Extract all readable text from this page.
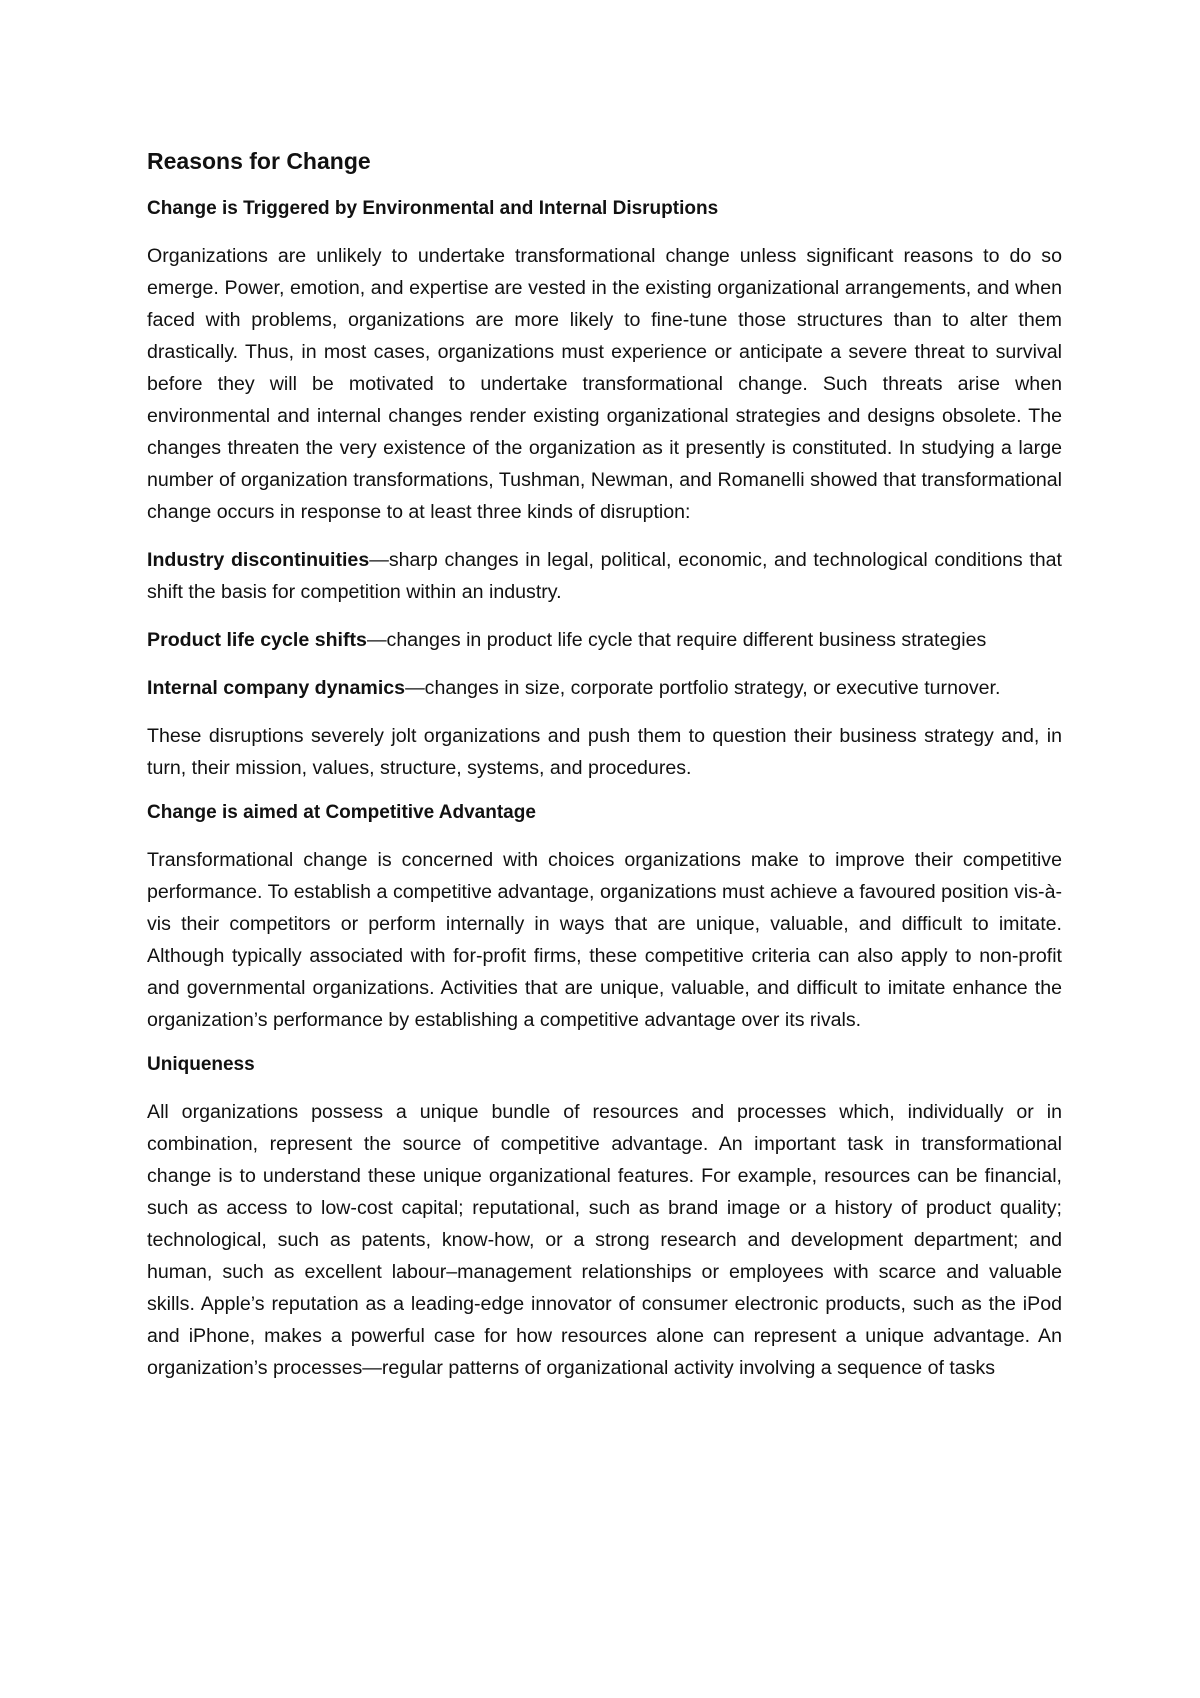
Reasons for Change
Change is Triggered by Environmental and Internal Disruptions

Organizations are unlikely to undertake transformational change unless significant reasons to do so emerge. Power, emotion, and expertise are vested in the existing organizational arrangements, and when faced with problems, organizations are more likely to fine-tune those structures than to alter them drastically. Thus, in most cases, organizations must experience or anticipate a severe threat to survival before they will be motivated to undertake transformational change. Such threats arise when environmental and internal changes render existing organizational strategies and designs obsolete. The changes threaten the very existence of the organization as it presently is constituted. In studying a large number of organization transformations, Tushman, Newman, and Romanelli showed that transformational change occurs in response to at least three kinds of disruption:

Industry discontinuities—sharp changes in legal, political, economic, and technological conditions that shift the basis for competition within an industry.

Product life cycle shifts—changes in product life cycle that require different business strategies

Internal company dynamics—changes in size, corporate portfolio strategy, or executive turnover.

These disruptions severely jolt organizations and push them to question their business strategy and, in turn, their mission, values, structure, systems, and procedures.

Change is aimed at Competitive Advantage

Transformational change is concerned with choices organizations make to improve their competitive performance. To establish a competitive advantage, organizations must achieve a favoured position vis-à-vis their competitors or perform internally in ways that are unique, valuable, and difficult to imitate. Although typically associated with for-profit firms, these competitive criteria can also apply to non-profit and governmental organizations. Activities that are unique, valuable, and difficult to imitate enhance the organization’s performance by establishing a competitive advantage over its rivals.

Uniqueness

All organizations possess a unique bundle of resources and processes which, individually or in combination, represent the source of competitive advantage. An important task in transformational change is to understand these unique organizational features. For example, resources can be financial, such as access to low-cost capital; reputational, such as brand image or a history of product quality; technological, such as patents, know-how, or a strong research and development department; and human, such as excellent labour–management relationships or employees with scarce and valuable skills. Apple’s reputation as a leading-edge innovator of consumer electronic products, such as the iPod and iPhone, makes a powerful case for how resources alone can represent a unique advantage. An organization’s processes—regular patterns of organizational activity involving a sequence of tasks
